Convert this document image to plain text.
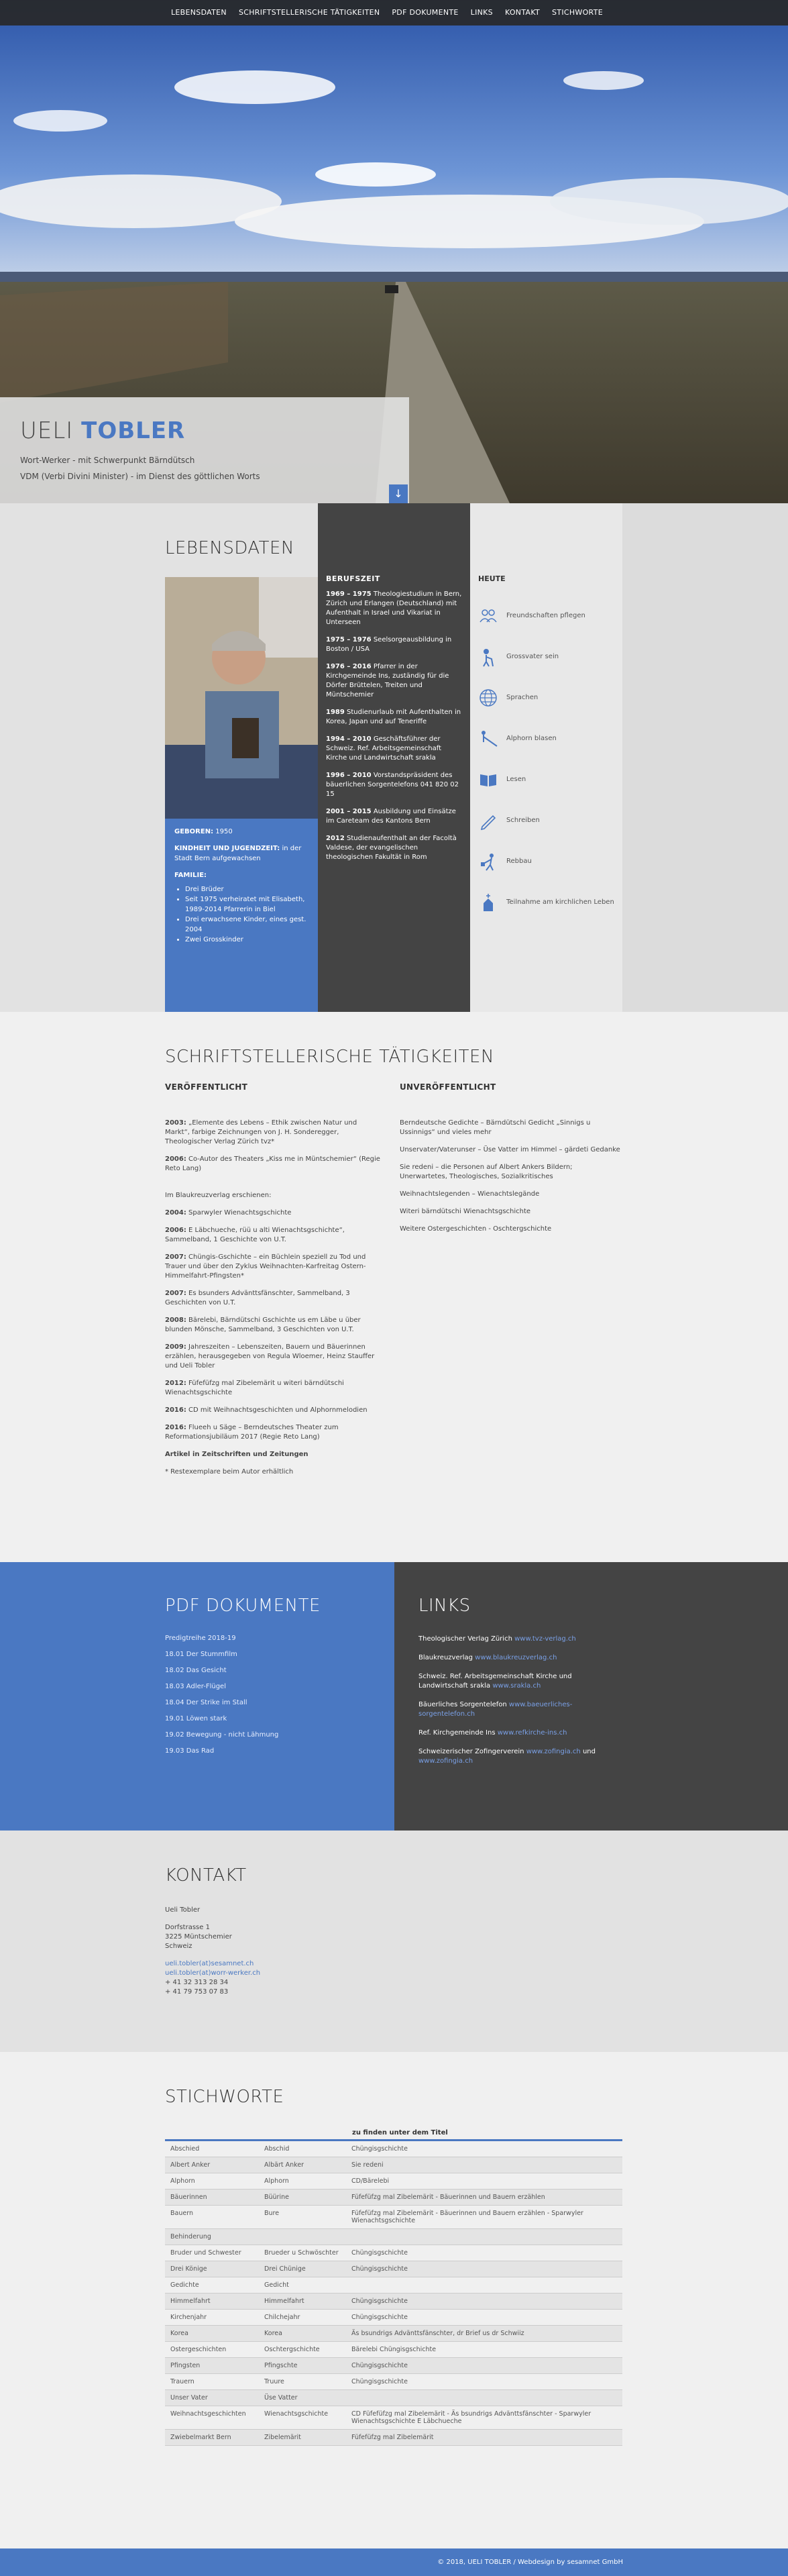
LEBENSDATEN	SCHRIFTSTELLERISCHE TÄTIGKEITEN	PDF DOKUMENTE	LINKS	KONTAKT	STICHWORTE
UELI TOBLER
Wort-Werker - mit Schwerpunkt Bärndütsch
VDM (Verbi Divini Minister) - im Dienst des göttlichen Worts
↓
LEBENSDATEN

GEBOREN: 1950

KINDHEIT UND JUGENDZEIT: in der Stadt Bern aufgewachsen

FAMILIE:

• Drei Brüder
• Seit 1975 verheiratet mit Elisabeth, 1989-2014 Pfarrerin in Biel
• Drei erwachsene Kinder, eines gest. 2004
• Zwei Grosskinder
BERUFSZEIT

1969 – 1975 Theologiestudium in Bern, Zürich und Erlangen (Deutschland) mit Aufenthalt in Israel und Vikariat in Unterseen

1975 – 1976 Seelsorgeausbildung in Boston / USA

1976 – 2016 Pfarrer in der Kirchgemeinde Ins, zuständig für die Dörfer Brüttelen, Treiten und Müntschemier

1989 Studienurlaub mit Aufenthalten in Korea, Japan und auf Teneriffe

1994 – 2010 Geschäftsführer der Schweiz. Ref. Arbeitsgemeinschaft Kirche und Landwirtschaft srakla

1996 – 2010 Vorstandspräsident des bäuerlichen Sorgentelefons 041 820 02 15

2001 – 2015 Ausbildung und Einsätze im Careteam des Kantons Bern

2012 Studienaufenthalt an der Facoltà Valdese, der evangelischen theologischen Fakultät in Rom

HEUTE
Freundschaften pflegen
Grossvater sein
Sprachen
Alphorn blasen
Lesen
Schreiben
Rebbau
Teilnahme am kirchlichen Leben
SCHRIFTSTELLERISCHE TÄTIGKEITEN
VERÖFFENTLICHT

2003: „Elemente des Lebens – Ethik zwischen Natur und Markt“, farbige Zeichnungen von J. H. Sonderegger, Theologischer Verlag Zürich tvz*

2006: Co-Autor des Theaters „Kiss me in Müntschemier“ (Regie Reto Lang)

Im Blaukreuzverlag erschienen:

2004: Sparwyler Wienachtsgschichte

2006: E Läbchueche, rüü u alti Wienachtsgschichte“, Sammelband, 1 Geschichte von U.T.

2007: Chüngis-Gschichte – ein Büchlein speziell zu Tod und Trauer und über den Zyklus Weihnachten-Karfreitag Ostern-Himmelfahrt-Pfingsten*

2007: Es bsunders Advänttsfänschter, Sammelband, 3 Geschichten von U.T.

2008: Bärelebi, Bärndütschi Gschichte us em Läbe u über blunden Mönsche, Sammelband, 3 Geschichten von U.T.

2009: Jahreszeiten – Lebenszeiten, Bauern und Bäuerinnen erzählen, herausgegeben von Regula Wloemer, Heinz Stauffer und Ueli Tobler

2012: Füfefüfzg mal Zibelemärit u witeri bärndütschi Wienachtsgschichte

2016: CD mit Weihnachtsgeschichten und Alphornmelodien

2016: Flueeh u Säge – Berndeutsches Theater zum Reformationsjubiläum 2017 (Regie Reto Lang)

Artikel in Zeitschriften und Zeitungen

* Restexemplare beim Autor erhältlich

UNVERÖFFENTLICHT

Berndeutsche Gedichte – Bärndütschi Gedicht „Sinnigs u Ussinnigs“ und vieles mehr

Unservater/Vaterunser – Üse Vatter im Himmel – gärdeti Gedanke

Sie redeni – die Personen auf Albert Ankers Bildern; Unerwartetes, Theologisches, Sozialkritisches

Weihnachtslegenden – Wienachtslegände

Witeri bärndütschi Wienachtsgschichte

Weitere Ostergeschichten - Oschtergschichte

PDF DOKUMENTE
Predigtreihe 2018-19
18.01 Der Stummfilm
18.02 Das Gesicht
18.03 Adler-Flügel
18.04 Der Strike im Stall
19.01 Löwen stark
19.02 Bewegung - nicht Lähmung
19.03 Das Rad
LINKS
Theologischer Verlag Zürich www.tvz-verlag.ch
Blaukreuzverlag www.blaukreuzverlag.ch
Schweiz. Ref. Arbeitsgemeinschaft Kirche und Landwirtschaft srakla www.srakla.ch
Bäuerliches Sorgentelefon www.baeuerliches-sorgentelefon.ch
Ref. Kirchgemeinde Ins www.refkirche-ins.ch
Schweizerischer Zofingerverein www.zofingia.ch und www.zofingia.ch
KONTAKT

Ueli Tobler

Dorfstrasse 1
3225 Müntschemier
Schweiz

ueli.tobler(at)sesamnet.ch
ueli.tobler(at)worr-werker.ch
+ 41 32 313 28 34
+ 41 79 753 07 83

STICHWORTE
zu finden unter dem Titel
Abschied	Abschid	Chüngisgschichte
Albert Anker	Albärt Anker	Sie redeni
Alphorn	Alphorn	CD/Bärelebi
Bäuerinnen	Büürine	Füfefüfzg mal Zibelemärit - Bäuerinnen und Bauern erzählen
Bauern	Bure	Füfefüfzg mal Zibelemärit - Bäuerinnen und Bauern erzählen - Sparwyler Wienachtsgschichte
Behinderung		
Bruder und Schwester	Brueder u Schwöschter	Chüngisgschichte
Drei Könige	Drei Chünige	Chüngisgschichte
Gedichte	Gedicht	
Himmelfahrt	Himmelfahrt	Chüngisgschichte
Kirchenjahr	Chilchejahr	Chüngisgschichte
Korea	Korea	Äs bsundrigs Advänttsfänschter, dr Brief us dr Schwiiz
Ostergeschichten	Oschtergschichte	Bärelebi Chüngisgschichte
Pfingsten	Pfingschte	Chüngisgschichte
Trauern	Truure	Chüngisgschichte
Unser Vater	Üse Vatter	
Weihnachtsgeschichten	Wienachtsgschichte	CD Füfefüfzg mal Zibelemärit - Äs bsundrigs Advänttsfänschter - Sparwyler Wienachtsgschichte E Läbchueche
Zwiebelmarkt Bern	Zibelemärit	Füfefüfzg mal Zibelemärit
© 2018, UELI TOBLER / Webdesign by sesamnet GmbH
